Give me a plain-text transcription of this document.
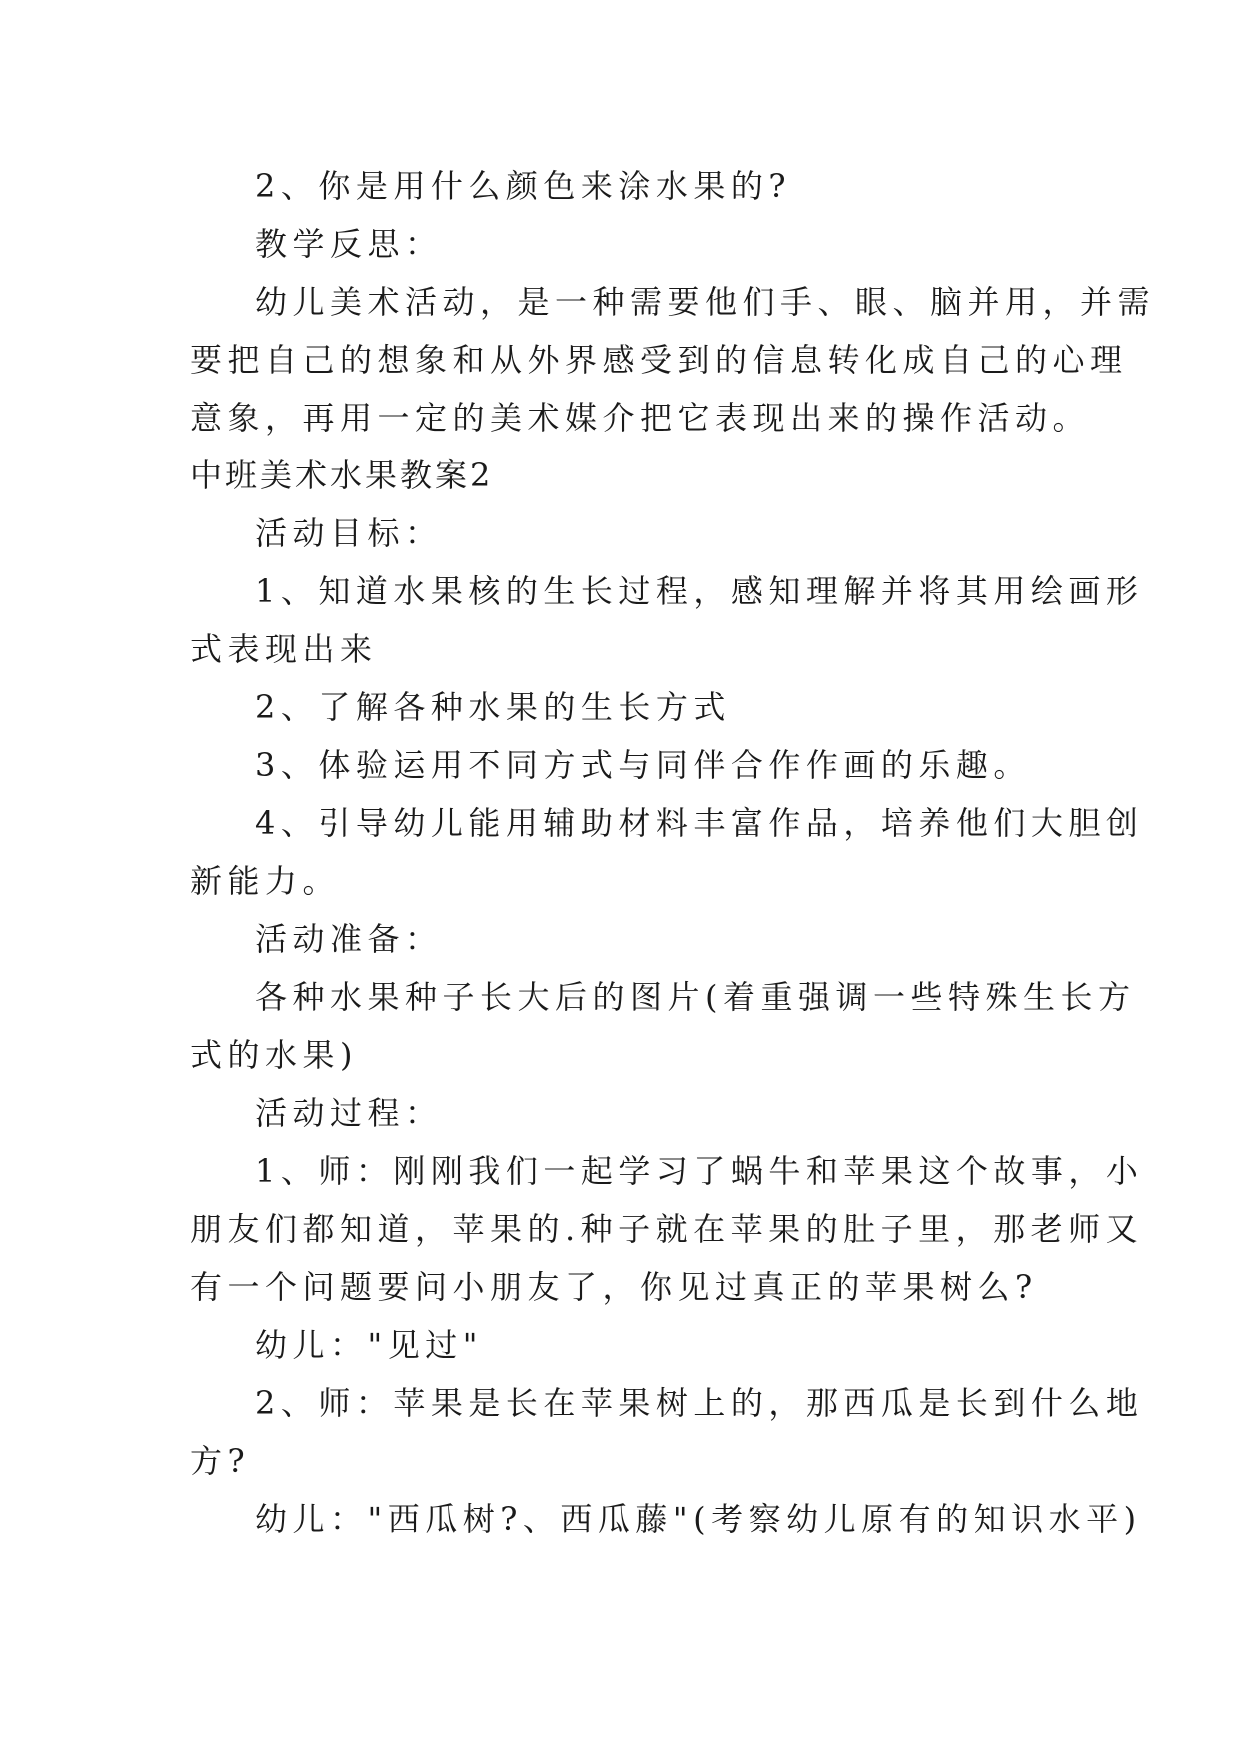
2、你是用什么颜色来涂水果的?
教学反思：
幼儿美术活动，是一种需要他们手、眼、脑并用，并需
要把自己的想象和从外界感受到的信息转化成自己的心理
意象，再用一定的美术媒介把它表现出来的操作活动。
中班美术水果教案2
活动目标：
1、知道水果核的生长过程，感知理解并将其用绘画形
式表现出来
2、了解各种水果的生长方式
3、体验运用不同方式与同伴合作作画的乐趣。
4、引导幼儿能用辅助材料丰富作品，培养他们大胆创
新能力。
活动准备：
各种水果种子长大后的图片(着重强调一些特殊生长方
式的水果)
活动过程：
1、师：刚刚我们一起学习了蜗牛和苹果这个故事，小
朋友们都知道，苹果的.种子就在苹果的肚子里，那老师又
有一个问题要问小朋友了，你见过真正的苹果树么?
幼儿："见过"
2、师：苹果是长在苹果树上的，那西瓜是长到什么地
方?
幼儿："西瓜树?、西瓜藤"(考察幼儿原有的知识水平)
